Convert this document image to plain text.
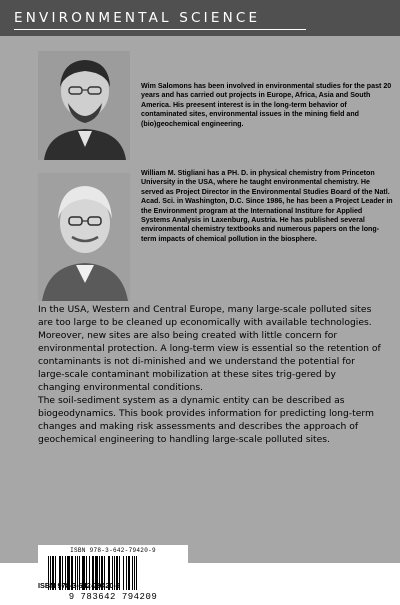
ENVIRONMENTAL SCIENCE
Wim Salomons has been involved in environmental studies for the past 20 years and has carried out projects in Europe, Africa, Asia and South America. His preesent interest is in the long-term behavior of contaminated sites, environmental issues in the mining field and (bio)geochemical engineering.
William M. Stigliani has a PH. D. in physical chemistry from Princeton University in the USA, where he taught environmental chemistry. He served as Project Director in the Environmental Studies Board of the Natl. Acad. Sci. in Washington, D.C. Since 1986, he has been a Project Leader in the Environment program at the International Institure for Applied Systems Analysis in Laxenburg, Austria. He has published several environmental chemistry textbooks and numerous papers on the long-term impacts of chemical pollution in the biosphere.
In the USA, Western and Central Europe, many large-scale polluted sites are too large to be cleaned up economically with available technologies. Moreover, new sites are also being created with little concern for environmental protection. A long-term view is essential so the retention of contaminants is not di-minished and we understand the potential for large-scale contaminant mobilization at these sites trig-gered by changing environmental conditions.
The soil-sediment system as a dynamic entity can be described as biogeodynamics. This book provides information for predicting long-term changes and making risk assessments and describes the approach of geochemical engineering to handling large-scale polluted sites.
ISBN 978-3-642-79420-9
9 783642 794209
ISBN 978-3-642-79420-9
